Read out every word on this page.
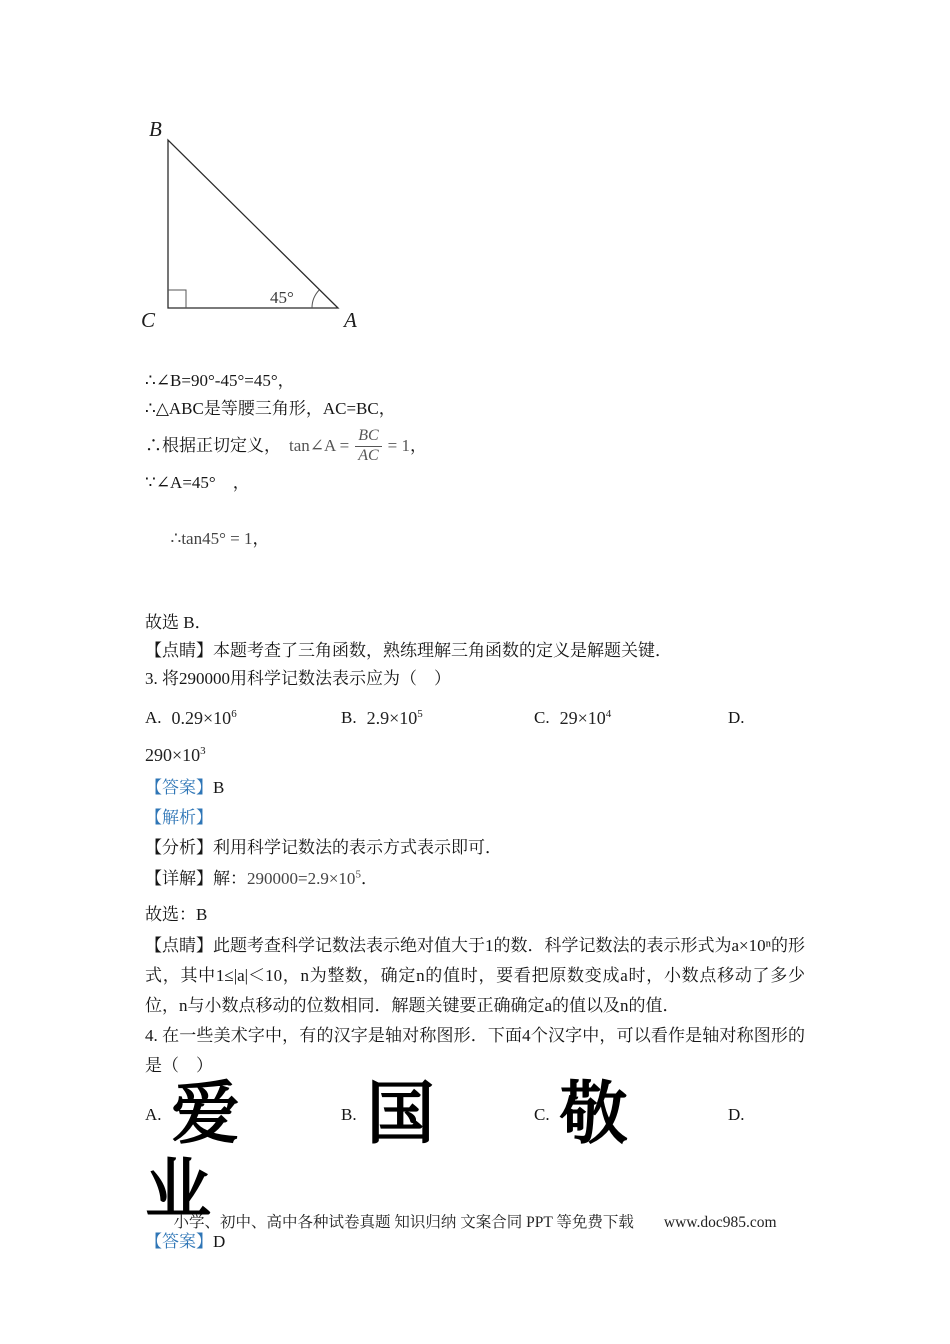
B
C	A
45°
∴∠B=90°-45°=45°，
∴△ABC是等腰三角形，AC=BC，
∴根据正切定义， tan∠A = $\frac{BC}{AC} = 1$ ，
∵∠A=45°　，

∴tan45° = 1，

故选 B．
【点睛】本题考查了三角函数，熟练理解三角函数的定义是解题关键．
3. 将290000用科学记数法表示应为（　）
A. $0.29\times 10^6$	B. $2.9\times 10^5$	C. $29\times 10^4$	D.
$290\times 10^3$
【答案】B
【解析】
【分析】利用科学记数法的表示方式表示即可．
【详解】解：$290000=2.9\times 10^5$．
故选：B
【点睛】此题考查科学记数法表示绝对值大于1的数．科学记数法的表示形式为a×10ⁿ的形式，其中1≤|a|＜10，n为整数，确定n的值时，要看把原数变成a时，小数点移动了多少位，n与小数点移动的位数相同．解题关键要正确确定a的值以及n的值．
4. 在一些美术字中，有的汉字是轴对称图形．下面4个汉字中，可以看作是轴对称图形的是（　）
A. 爱	B. 国	C. 敬	D.
业
【答案】D
小学、初中、高中各种试卷真题 知识归纳 文案合同 PPT 等免费下载 www.doc985.com
